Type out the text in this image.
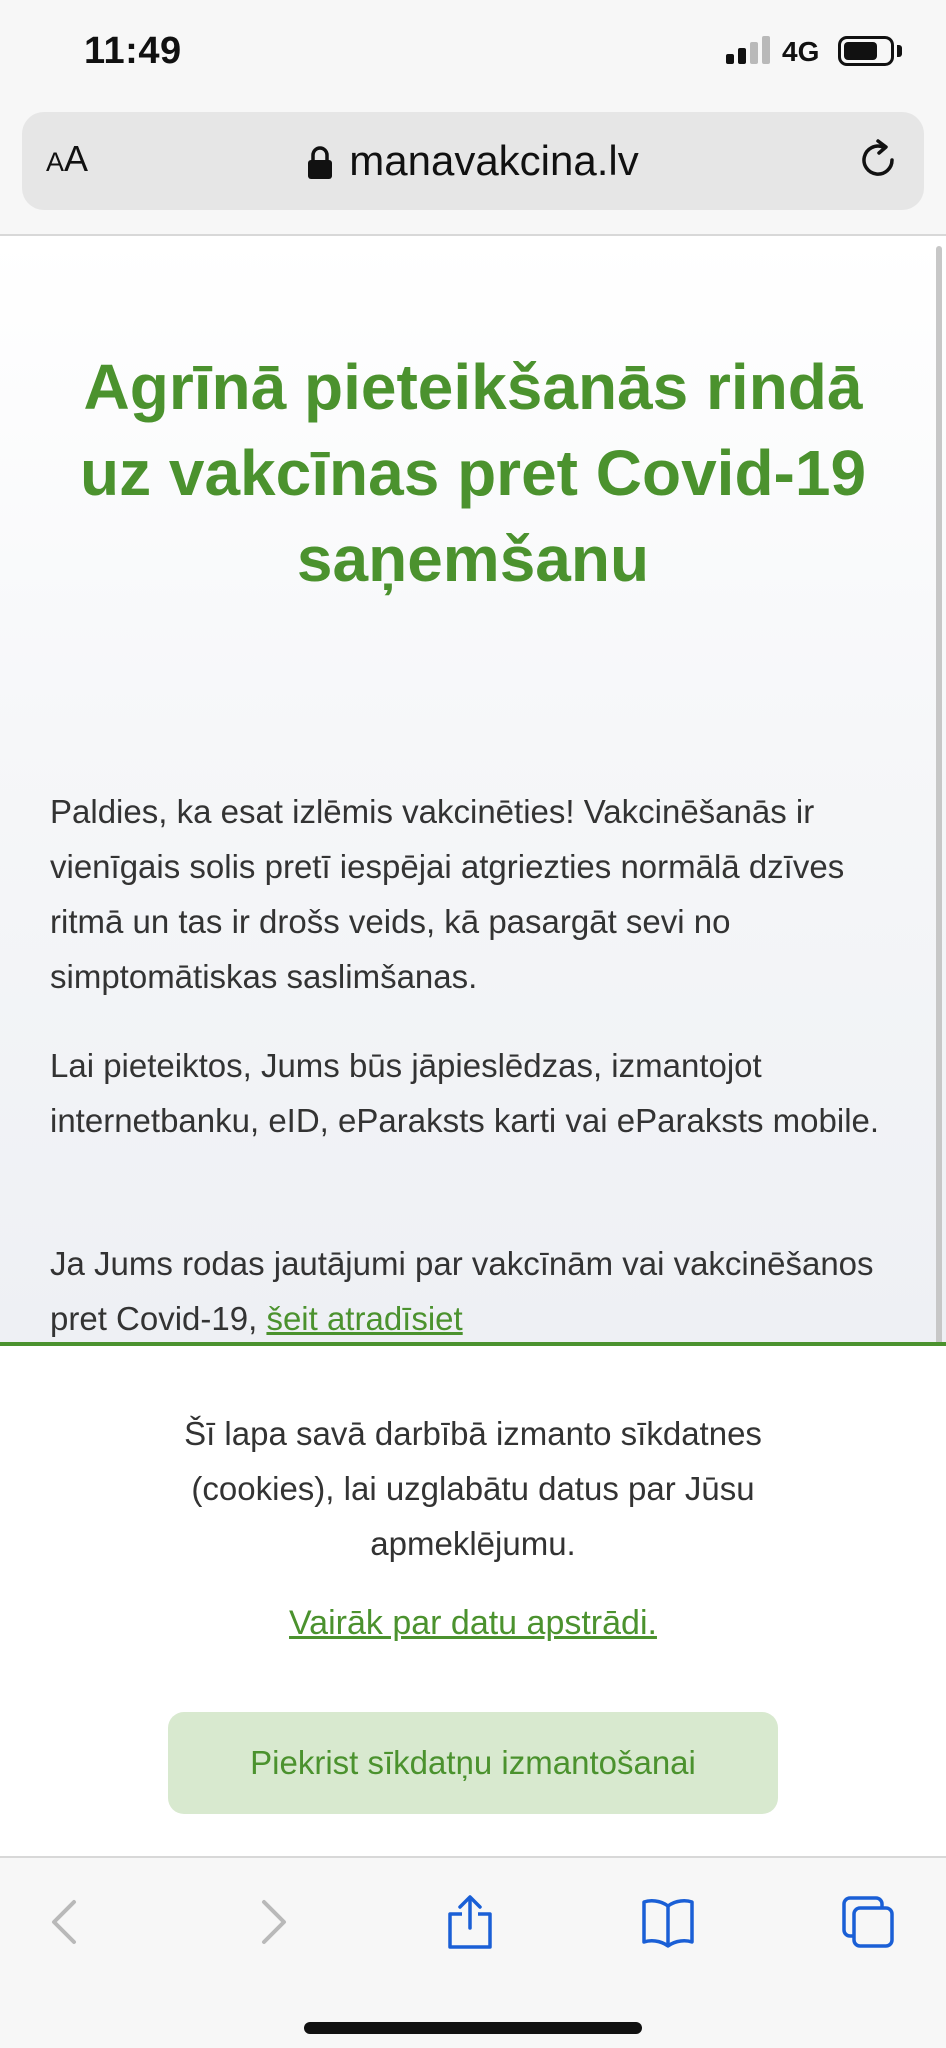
11:49	4G
AA	manavakcina.lv
Agrīnā pieteikšanās rindā uz vakcīnas pret Covid-19 saņemšanu

Paldies, ka esat izlēmis vakcinēties! Vakcinēšanās ir vienīgais solis pretī iespējai atgriezties normālā dzīves ritmā un tas ir drošs veids, kā pasargāt sevi no simptomātiskas saslimšanas.

Lai pieteiktos, Jums būs jāpieslēdzas, izmantojot internetbanku, eID, eParaksts karti vai eParaksts mobile.

Ja Jums rodas jautājumi par vakcīnām vai vakcinēšanos pret Covid-19, šeit atradīsiet

Šī lapa savā darbībā izmanto sīkdatnes (cookies), lai uzglabātu datus par Jūsu apmeklējumu.
Vairāk par datu apstrādi.
Piekrist sīkdatņu izmantošanai
